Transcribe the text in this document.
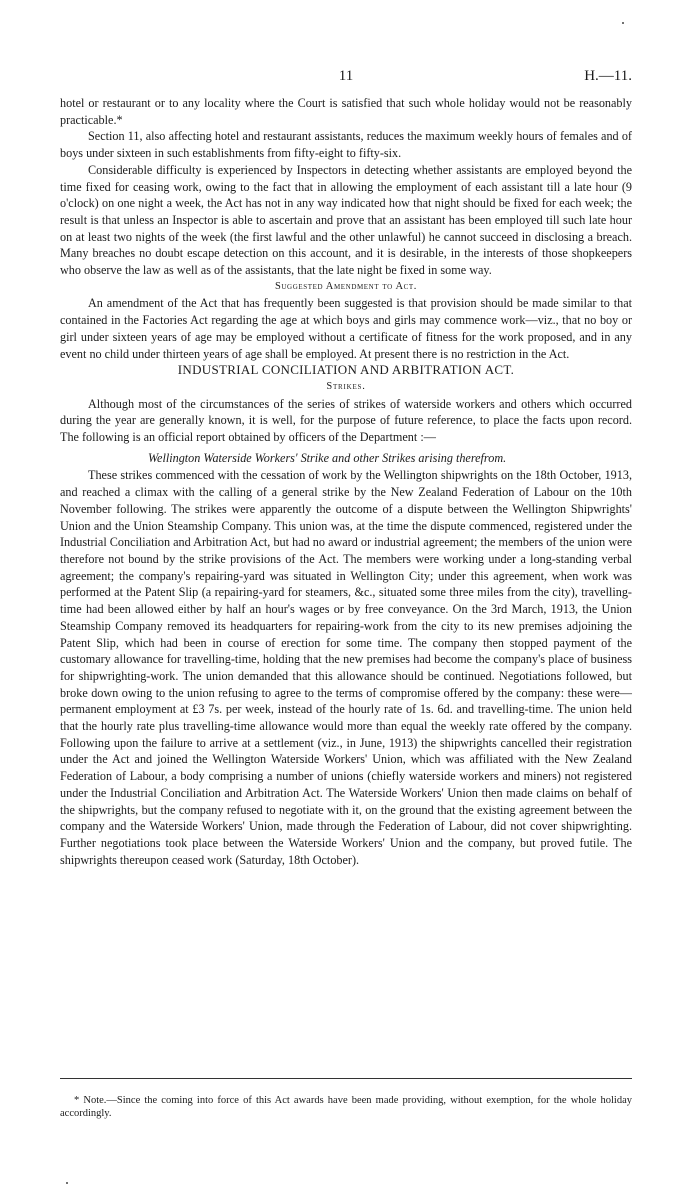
11	H.—11.

hotel or restaurant or to any locality where the Court is satisfied that such whole holiday would not be reasonably practicable.*

Section 11, also affecting hotel and restaurant assistants, reduces the maximum weekly hours of females and of boys under sixteen in such establishments from fifty-eight to fifty-six.

Considerable difficulty is experienced by Inspectors in detecting whether assistants are employed beyond the time fixed for ceasing work, owing to the fact that in allowing the employment of each assistant till a late hour (9 o'clock) on one night a week, the Act has not in any way indicated how that night should be fixed for each week; the result is that unless an Inspector is able to ascertain and prove that an assistant has been employed till such late hour on at least two nights of the week (the first lawful and the other unlawful) he cannot succeed in disclosing a breach. Many breaches no doubt escape detection on this account, and it is desirable, in the interests of those shopkeepers who observe the law as well as of the assistants, that the late night be fixed in some way.

Suggested Amendment to Act.

An amendment of the Act that has frequently been suggested is that provision should be made similar to that contained in the Factories Act regarding the age at which boys and girls may commence work—viz., that no boy or girl under sixteen years of age may be employed without a certificate of fitness for the work proposed, and in any event no child under thirteen years of age shall be employed. At present there is no restriction in the Act.

INDUSTRIAL CONCILIATION AND ARBITRATION ACT.

Strikes.

Although most of the circumstances of the series of strikes of waterside workers and others which occurred during the year are generally known, it is well, for the purpose of future reference, to place the facts upon record. The following is an official report obtained by officers of the Department :—

Wellington Waterside Workers' Strike and other Strikes arising therefrom.

These strikes commenced with the cessation of work by the Wellington shipwrights on the 18th October, 1913, and reached a climax with the calling of a general strike by the New Zealand Federation of Labour on the 10th November following. The strikes were apparently the outcome of a dispute between the Wellington Shipwrights' Union and the Union Steamship Company. This union was, at the time the dispute commenced, registered under the Industrial Conciliation and Arbitration Act, but had no award or industrial agreement; the members of the union were therefore not bound by the strike provisions of the Act. The members were working under a long-standing verbal agreement; the company's repairing-yard was situated in Wellington City; under this agreement, when work was performed at the Patent Slip (a repairing-yard for steamers, &c., situated some three miles from the city), travelling-time had been allowed either by half an hour's wages or by free conveyance. On the 3rd March, 1913, the Union Steamship Company removed its headquarters for repairing-work from the city to its new premises adjoining the Patent Slip, which had been in course of erection for some time. The company then stopped payment of the customary allowance for travelling-time, holding that the new premises had become the company's place of business for shipwrighting-work. The union demanded that this allowance should be continued. Negotiations followed, but broke down owing to the union refusing to agree to the terms of compromise offered by the company: these were—permanent employment at £3 7s. per week, instead of the hourly rate of 1s. 6d. and travelling-time. The union held that the hourly rate plus travelling-time allowance would more than equal the weekly rate offered by the company. Following upon the failure to arrive at a settlement (viz., in June, 1913) the shipwrights cancelled their registration under the Act and joined the Wellington Waterside Workers' Union, which was affiliated with the New Zealand Federation of Labour, a body comprising a number of unions (chiefly waterside workers and miners) not registered under the Industrial Conciliation and Arbitration Act. The Waterside Workers' Union then made claims on behalf of the shipwrights, but the company refused to negotiate with it, on the ground that the existing agreement between the company and the Waterside Workers' Union, made through the Federation of Labour, did not cover shipwrighting. Further negotiations took place between the Waterside Workers' Union and the company, but proved futile. The shipwrights thereupon ceased work (Saturday, 18th October).

* Note.—Since the coming into force of this Act awards have been made providing, without exemption, for the whole holiday accordingly.
